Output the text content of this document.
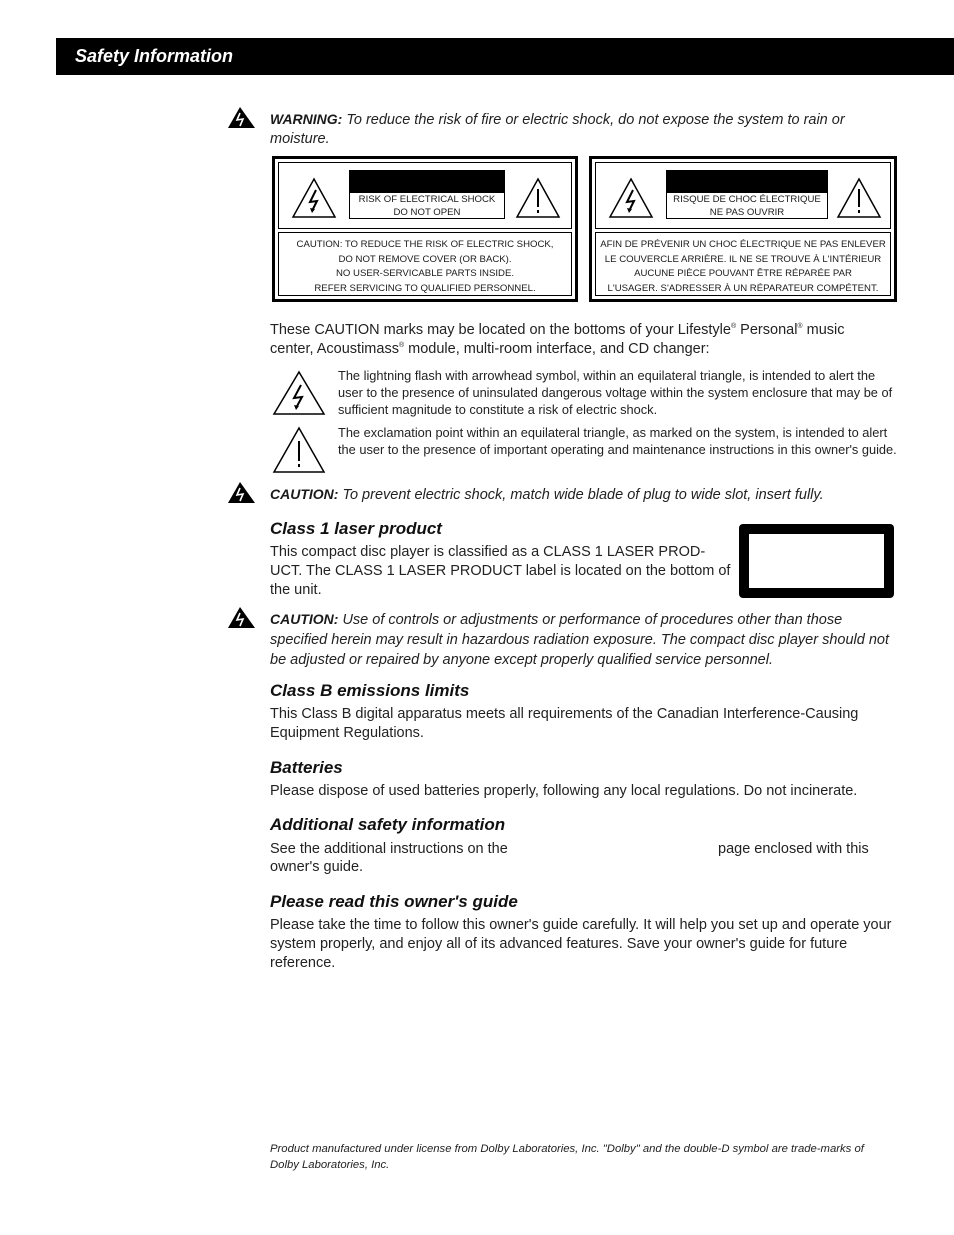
Safety Information
WARNING: To reduce the risk of fire or electric shock, do not expose the system to rain or moisture.
RISK OF ELECTRICAL SHOCK
DO NOT OPEN
CAUTION: TO REDUCE THE RISK OF ELECTRIC SHOCK,
DO NOT REMOVE COVER (OR BACK).
NO USER-SERVICABLE PARTS INSIDE.
REFER SERVICING TO QUALIFIED PERSONNEL.
RISQUE DE CHOC ÉLECTRIQUE
NE PAS OUVRIR
AFIN DE PRÉVENIR UN CHOC ÉLECTRIQUE NE PAS ENLEVER
LE COUVERCLE ARRIÈRE. IL NE SE TROUVE À L'INTÉRIEUR
AUCUNE PIÈCE POUVANT ÊTRE RÉPARÉE PAR
L'USAGER. S'ADRESSER À UN RÉPARATEUR COMPÉTENT.
These CAUTION marks may be located on the bottoms of your Lifestyle® Personal® music
center, Acoustimass® module, multi-room interface, and CD changer:
The lightning flash with arrowhead symbol, within an equilateral triangle, is intended to alert the user to the presence of uninsulated dangerous voltage within the system enclosure that may be of sufficient magnitude to constitute a risk of electric shock.
The exclamation point within an equilateral triangle, as marked on the system, is intended to alert the user to the presence of important operating and maintenance instructions in this owner's guide.
CAUTION: To prevent electric shock, match wide blade of plug to wide slot, insert fully.
Class 1 laser product
This compact disc player is classified as a CLASS 1 LASER PROD-UCT. The CLASS 1 LASER PRODUCT label is located on the bottom of the unit.
CAUTION: Use of controls or adjustments or performance of procedures other than those specified herein may result in hazardous radiation exposure. The compact disc player should not be adjusted or repaired by anyone except properly qualified service personnel.
Class B emissions limits
This Class B digital apparatus meets all requirements of the Canadian Interference-Causing Equipment Regulations.
Batteries
Please dispose of used batteries properly, following any local regulations. Do not incinerate.
Additional safety information
See the additional instructions on the	page enclosed with this
owner's guide.
Please read this owner's guide
Please take the time to follow this owner's guide carefully. It will help you set up and operate your system properly, and enjoy all of its advanced features. Save your owner's guide for future reference.
Product manufactured under license from Dolby Laboratories, Inc. "Dolby" and the double-D symbol are trade-marks of Dolby Laboratories, Inc.
